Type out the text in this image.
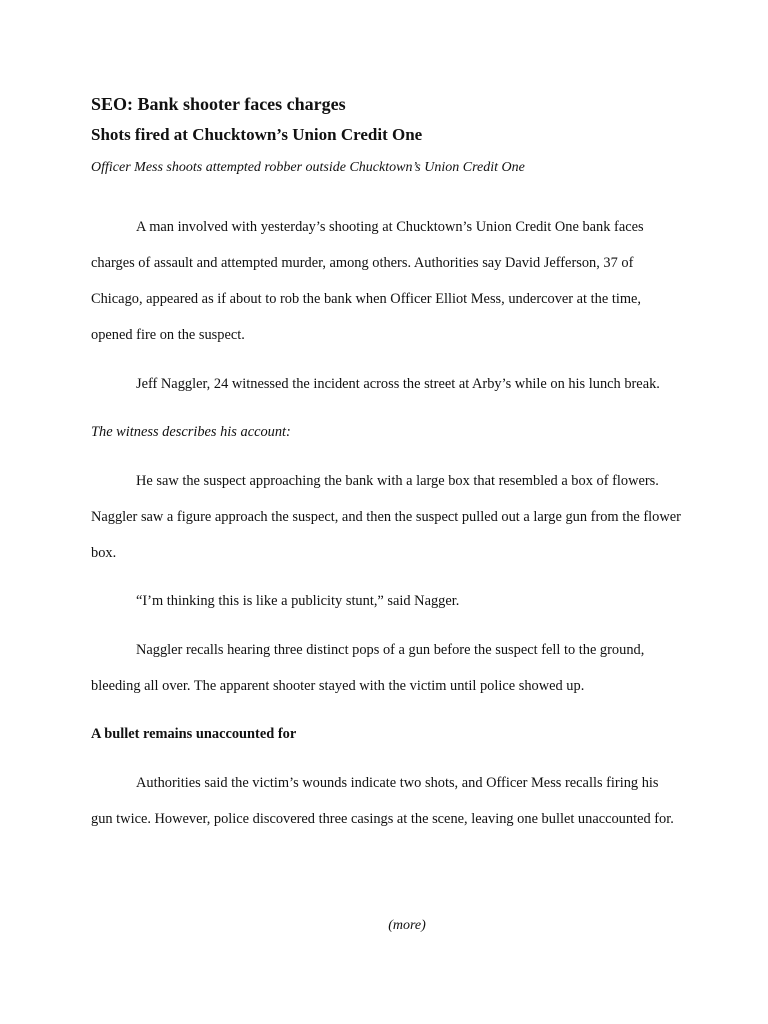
SEO: Bank shooter faces charges
Shots fired at Chucktown’s Union Credit One

Officer Mess shoots attempted robber outside Chucktown’s Union Credit One

A man involved with yesterday’s shooting at Chucktown’s Union Credit One bank faces charges of assault and attempted murder, among others. Authorities say David Jefferson, 37 of Chicago, appeared as if about to rob the bank when Officer Elliot Mess, undercover at the time, opened fire on the suspect.

Jeff Naggler, 24 witnessed the incident across the street at Arby’s while on his lunch break.

The witness describes his account:

He saw the suspect approaching the bank with a large box that resembled a box of flowers. Naggler saw a figure approach the suspect, and then the suspect pulled out a large gun from the flower box.

“I’m thinking this is like a publicity stunt,” said Nagger.

Naggler recalls hearing three distinct pops of a gun before the suspect fell to the ground, bleeding all over. The apparent shooter stayed with the victim until police showed up.

A bullet remains unaccounted for

Authorities said the victim’s wounds indicate two shots, and Officer Mess recalls firing his gun twice. However, police discovered three casings at the scene, leaving one bullet unaccounted for.

(more)
